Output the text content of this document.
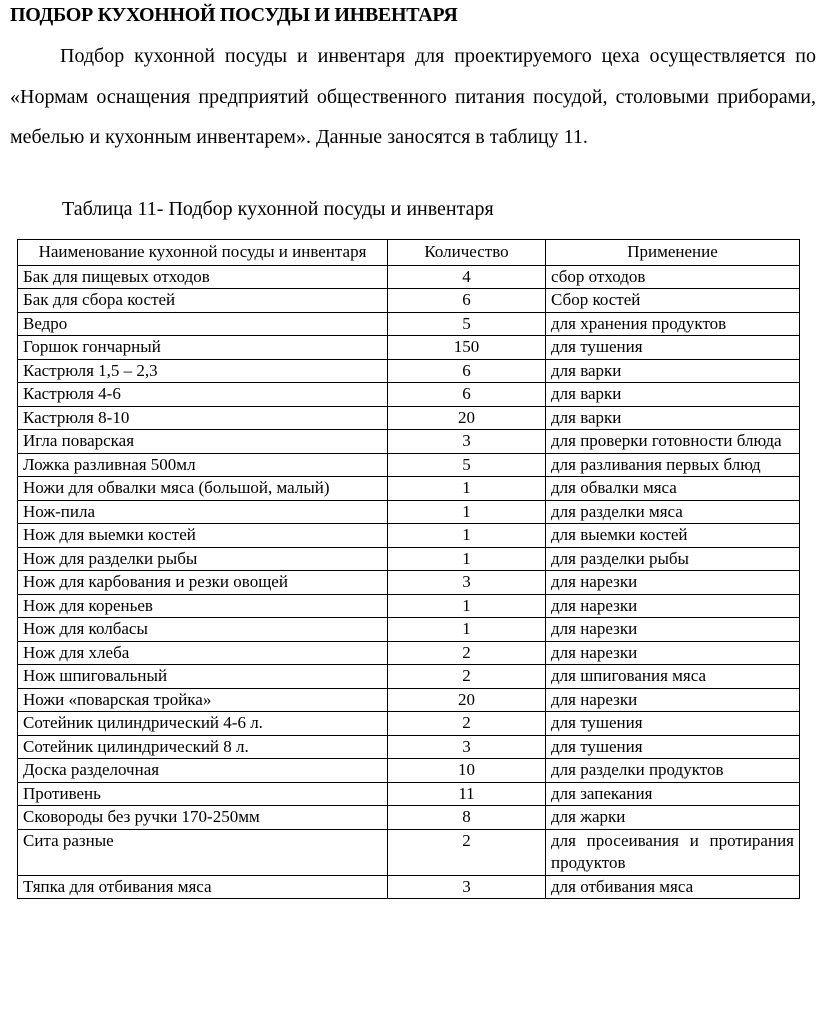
ПОДБОР КУХОННОЙ ПОСУДЫ И ИНВЕНТАРЯ
Подбор кухонной посуды и инвентаря для проектируемого цеха осуществляется по «Нормам оснащения предприятий общественного питания посудой, столовыми приборами, мебелью и кухонным инвентарем». Данные заносятся в таблицу 11.
Таблица 11- Подбор кухонной посуды и инвентаря
Наименование кухонной посуды и инвентаря	Количество	Применение
Бак для пищевых отходов	4	сбор отходов
Бак для сбора костей	6	Сбор костей
Ведро	5	для хранения продуктов
Горшок гончарный	150	для тушения
Кастрюля 1,5 – 2,3	6	для варки
Кастрюля 4-6	6	для варки
Кастрюля 8-10	20	для варки
Игла поварская	3	для проверки готовности блюда
Ложка разливная 500мл	5	для разливания первых блюд
Ножи для обвалки мяса (большой, малый)	1	для обвалки мяса
Нож-пила	1	для разделки мяса
Нож для выемки костей	1	для выемки костей
Нож для разделки рыбы	1	для разделки рыбы
Нож для карбования и резки овощей	3	для нарезки
Нож для кореньев	1	для нарезки
Нож для колбасы	1	для нарезки
Нож для хлеба	2	для нарезки
Нож шпиговальный	2	для шпигования мяса
Ножи «поварская тройка»	20	для нарезки
Сотейник цилиндрический 4-6 л.	2	для тушения
Сотейник цилиндрический 8 л.	3	для тушения
Доска разделочная	10	для разделки продуктов
Противень	11	для запекания
Сковороды без ручки 170-250мм	8	для жарки
Сита разные	2	для просеивания и протирания продуктов
Тяпка для отбивания мяса	3	для отбивания мяса
